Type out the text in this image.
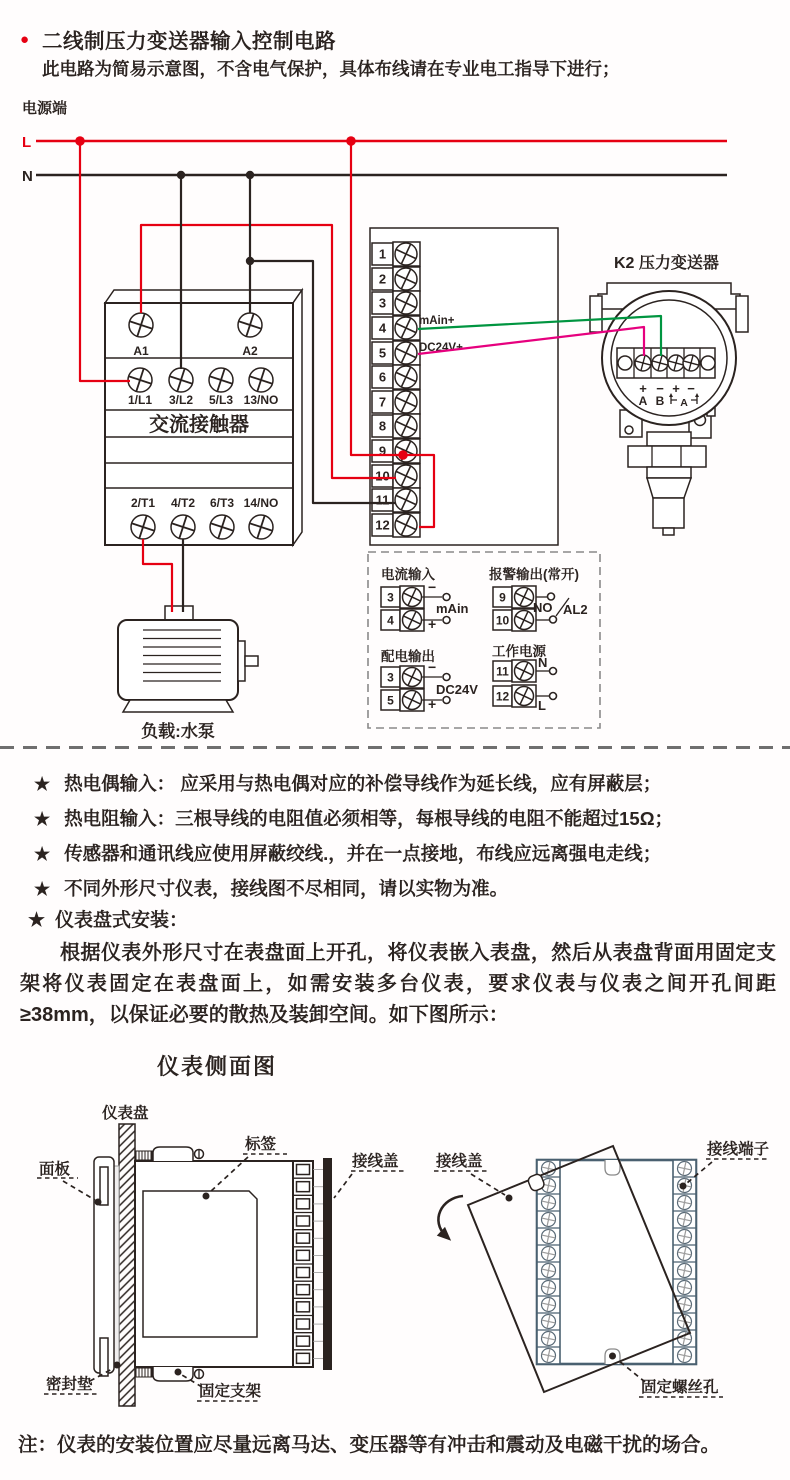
● 二线制压力变送器输入控制电路
此电路为简易示意图，不含电气保护，具体布线请在专业电工指导下进行；
电源端
L
N
A1	A2
1/L1 3/L2 5/L3 13/NO
交流接触器
2/T1 4/T2 6/T3 14/NO
1
2
3
4
5
6
7
8
9
10
11
12
mAin+
DC24V+
K2 压力变送器
+ − + −
A B A
负载:水泵
电流输入	报警输出(常开)
配电输出	工作电源
3
4
9
10
3
5
11
12
−
+
mAin	NO AL2
−
+
DC24V
N
L
★ 热电偶输入： 应采用与热电偶对应的补偿导线作为延长线，应有屏蔽层；
★ 热电阻输入：三根导线的电阻值必须相等，每根导线的电阻不能超过15Ω；
★ 传感器和通讯线应使用屏蔽绞线.，并在一点接地，布线应远离强电走线；
★ 不同外形尺寸仪表，接线图不尽相同，请以实物为准。
★ 仪表盘式安装：
根据仪表外形尺寸在表盘面上开孔，将仪表嵌入表盘，然后从表盘背面用固定支架将仪表固定在表盘面上，如需安装多台仪表，要求仪表与仪表之间开孔间距≥38mm，以保证必要的散热及装卸空间。如下图所示：
仪表侧面图
仪表盘
面板
标签
接线盖
密封垫	固定支架
接线盖
接线端子
固定螺丝孔
注：仪表的安装位置应尽量远离马达、变压器等有冲击和震动及电磁干扰的场合。
